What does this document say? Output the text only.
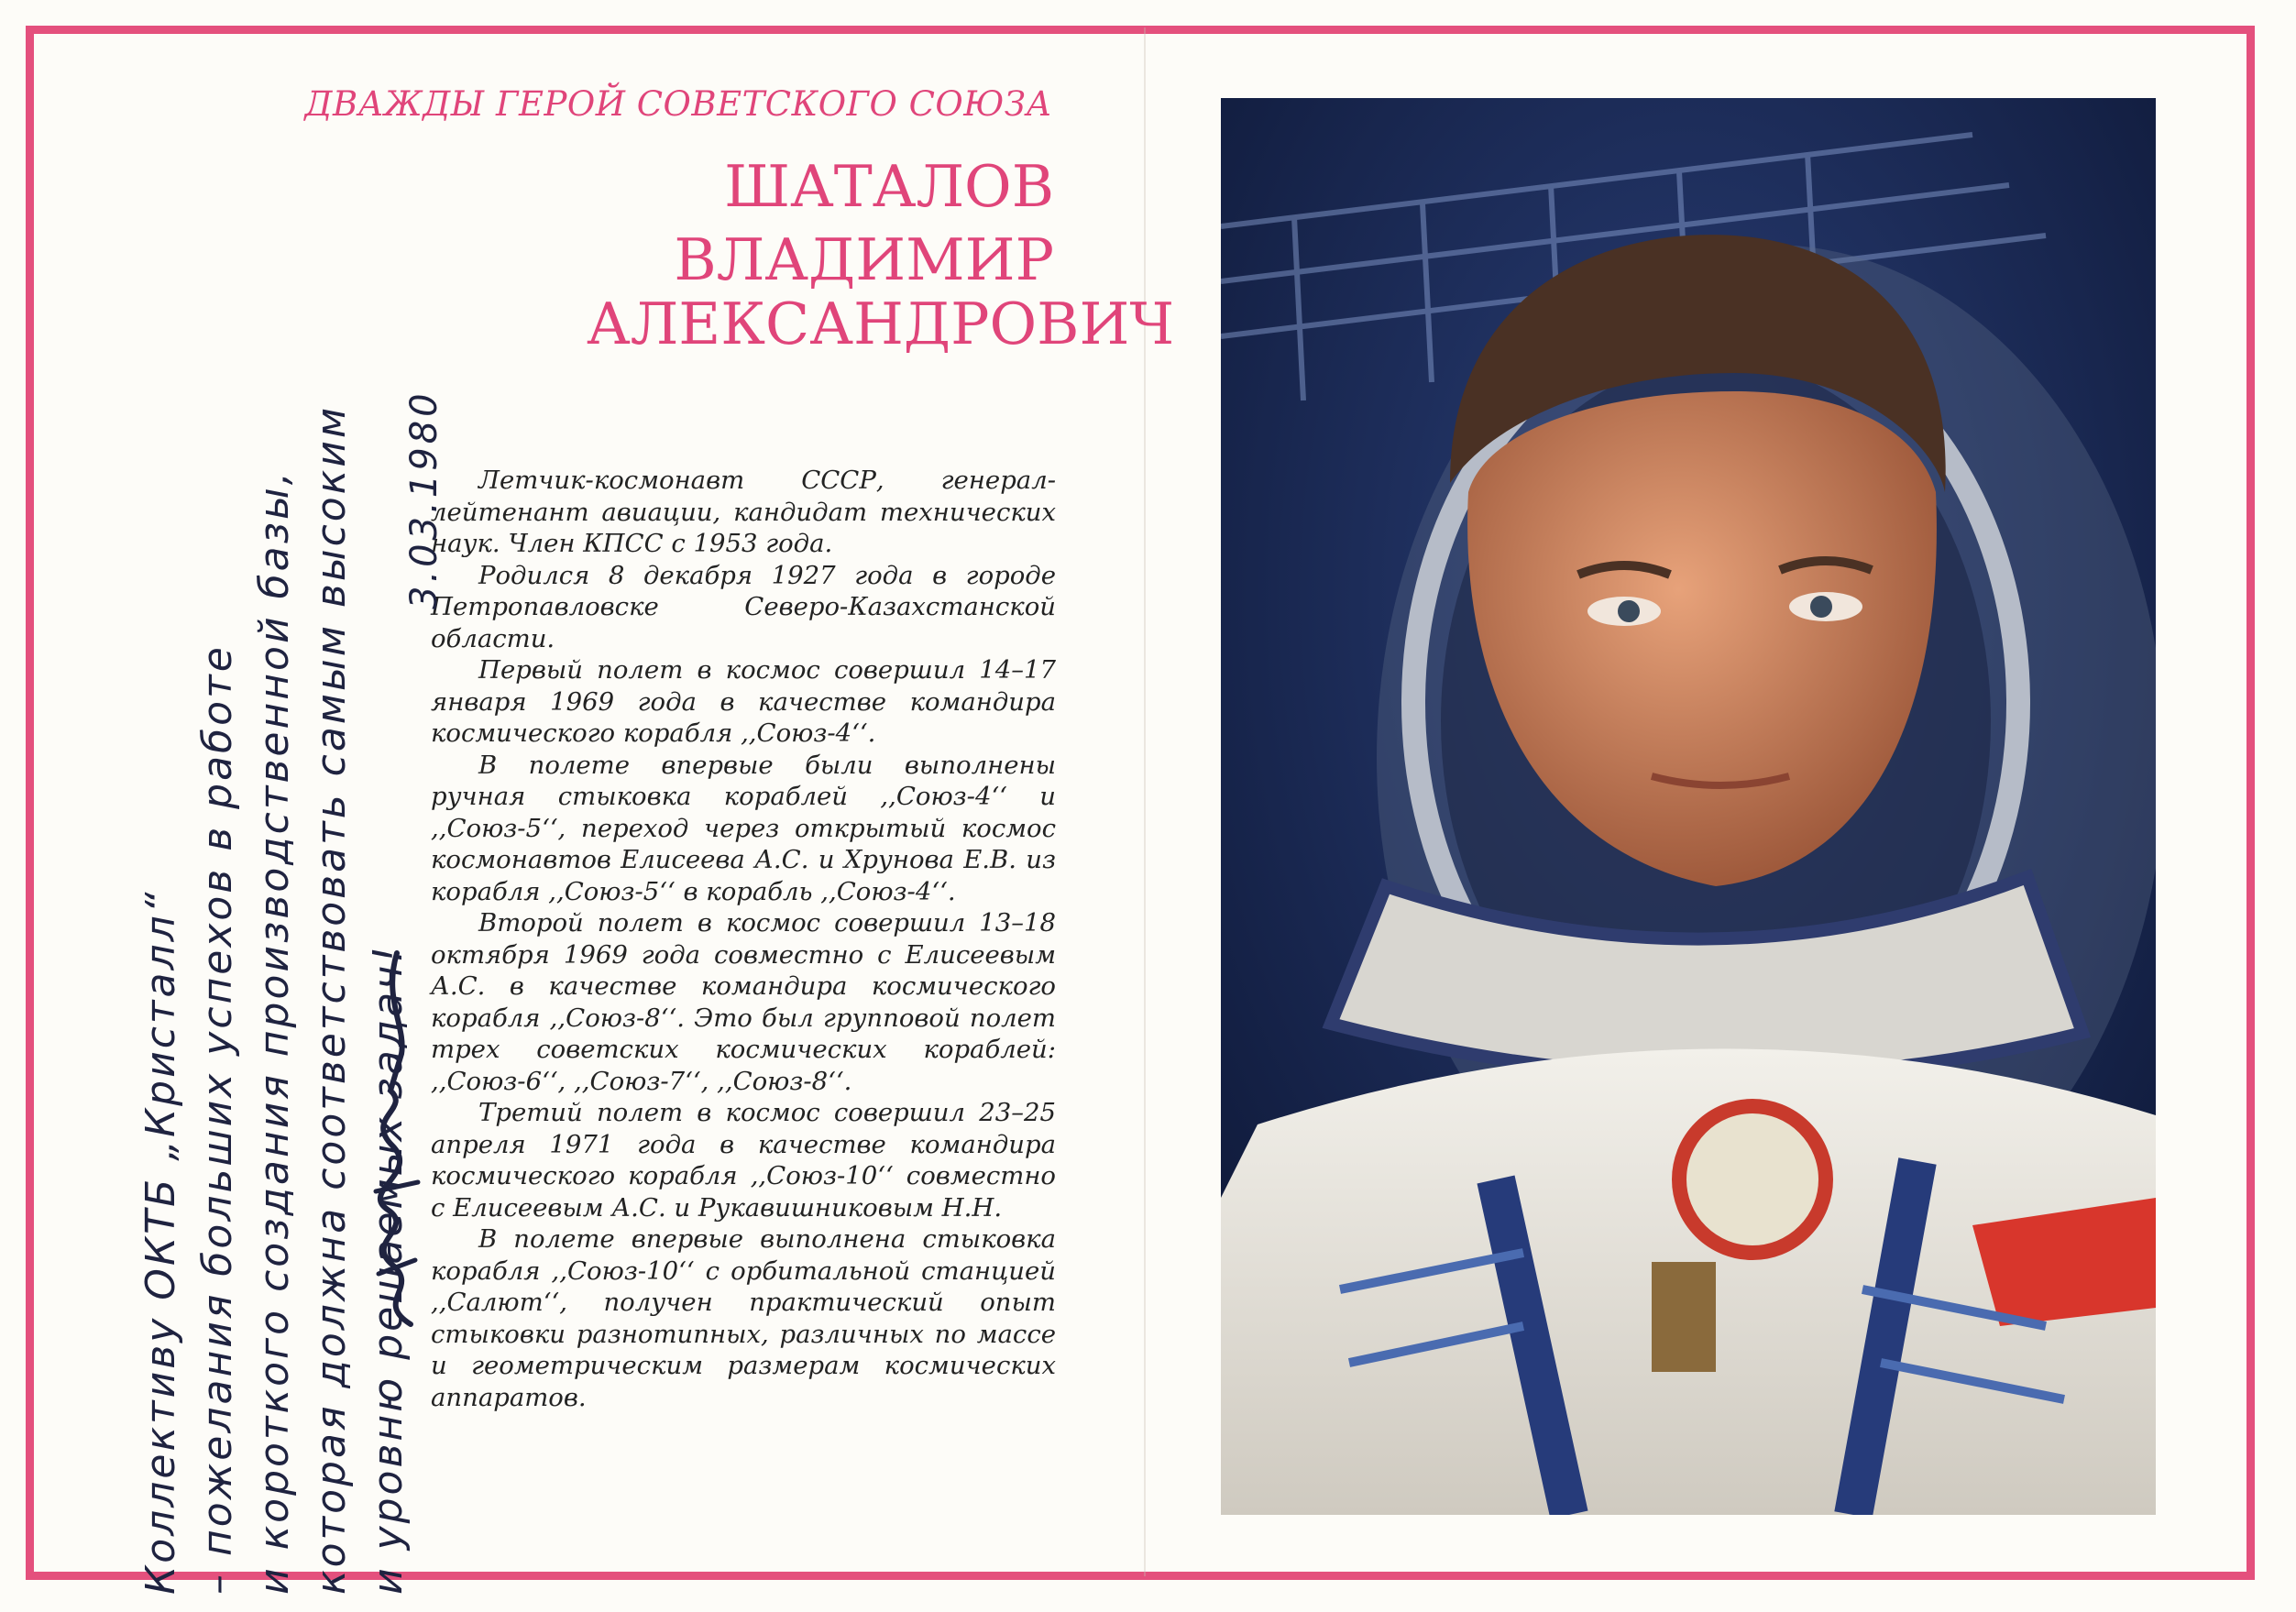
ДВАЖДЫ ГЕРОЙ СОВЕТСКОГО СОЮЗА
ШАТАЛОВ
ВЛАДИМИР
АЛЕКСАНДРОВИЧ

Летчик-космонавт СССР, генерал-лейтенант авиации, кандидат технических наук. Член КПСС с 1953 года.

Родился 8 декабря 1927 года в городе Петропавловске Северо-Казахстанской области.

Первый полет в космос совершил 14–17 января 1969 года в качестве командира космического корабля ,,Союз-4‘‘.

В полете впервые были выполнены ручная стыковка кораблей ,,Союз-4‘‘ и ,,Союз-5‘‘, переход через открытый космос космонавтов Елисеева А.С. и Хрунова Е.В. из корабля ,,Союз-5‘‘ в корабль ,,Союз-4‘‘.

Второй полет в космос совершил 13–18 октября 1969 года совместно с Елисеевым А.С. в качестве командира космического корабля ,,Союз-8‘‘. Это был групповой полет трех советских космических кораблей: ,,Союз-6‘‘, ,,Союз-7‘‘, ,,Союз-8‘‘.

Третий полет в космос совершил 23–25 апреля 1971 года в качестве командира космического корабля ,,Союз-10‘‘ совместно с Елисеевым А.С. и Рукавишниковым Н.Н.

В полете впервые выполнена стыковка корабля ,,Союз-10‘‘ с орбитальной станцией ,,Салют‘‘, получен практический опыт стыковки разнотипных, различных по массе и геометрическим размерам космических аппаратов.

Коллективу ОКТБ „Кристалл“ – пожелания больших успехов в работе и короткого создания производственной базы, которая должна соответствовать самым высоким и уровню решаемых задач!
3.03.1980
